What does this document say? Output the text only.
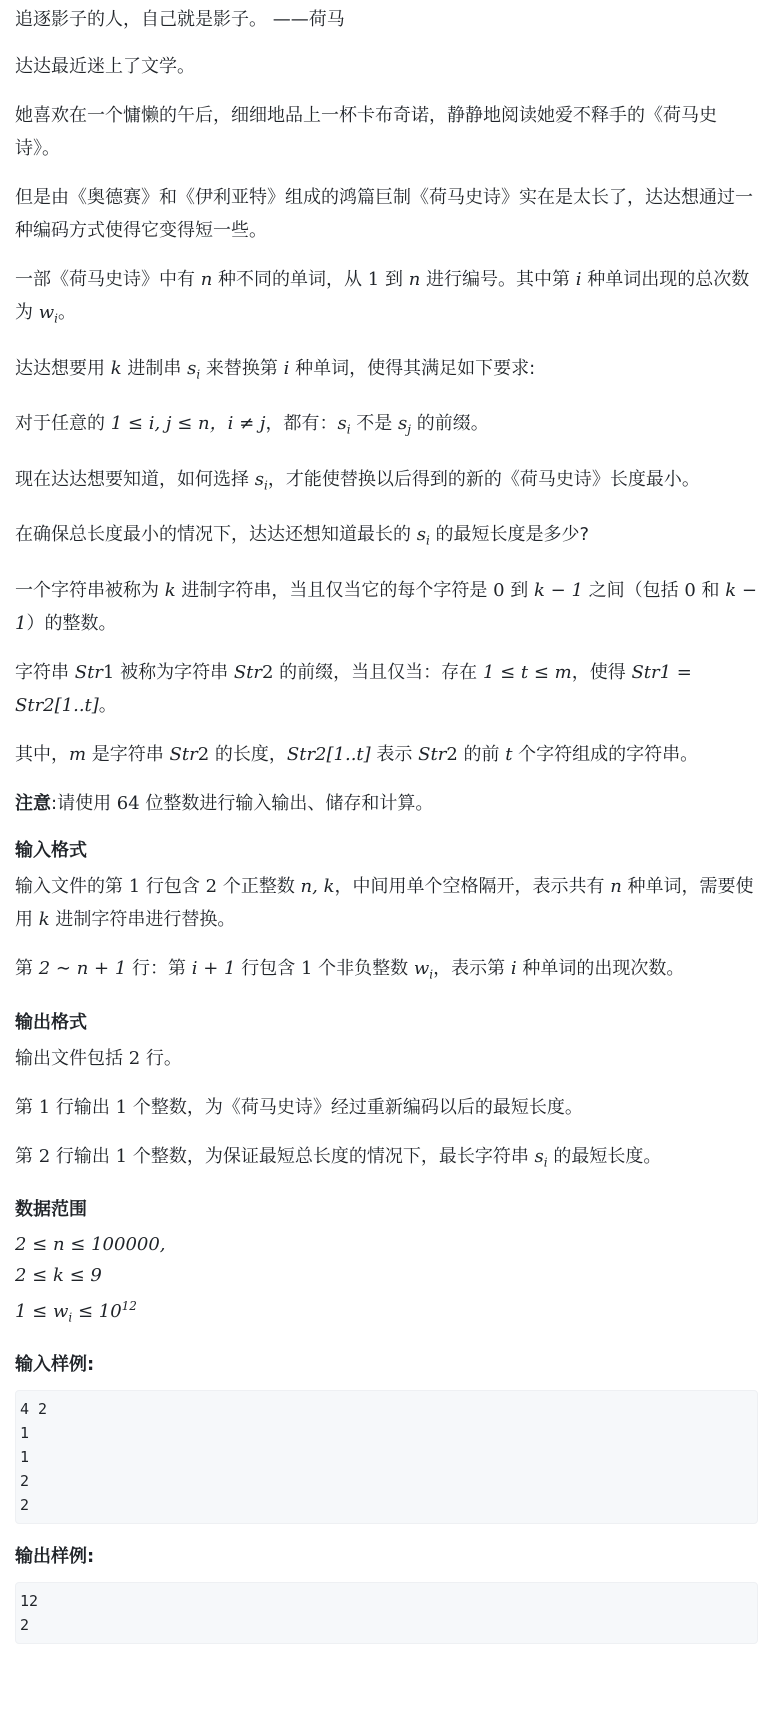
追逐影子的人，自己就是影子。 ——荷马

达达最近迷上了文学。

她喜欢在一个慵懒的午后，细细地品上一杯卡布奇诺，静静地阅读她爱不释手的《荷马史诗》。

但是由《奥德赛》和《伊利亚特》组成的鸿篇巨制《荷马史诗》实在是太长了，达达想通过一种编码方式使得它变得短一些。

一部《荷马史诗》中有 n 种不同的单词，从 1 到 n 进行编号。其中第 i 种单词出现的总次数为 $w_i$。

达达想要用 k 进制串 $s_i$ 来替换第 i 种单词，使得其满足如下要求:

对于任意的 1 ≤ i, j ≤ n，i ≠ j，都有：$s_i$ 不是 $s_j$ 的前缀。

现在达达想要知道，如何选择 $s_i$，才能使替换以后得到的新的《荷马史诗》长度最小。

在确保总长度最小的情况下，达达还想知道最长的 $s_i$ 的最短长度是多少?

一个字符串被称为 k 进制字符串，当且仅当它的每个字符是 0 到 k − 1 之间（包括 0 和 k − 1）的整数。

字符串 Str1 被称为字符串 Str2 的前缀，当且仅当：存在 1 ≤ t ≤ m，使得 Str1 = Str2[1..t]。

其中，m 是字符串 Str2 的长度，Str2[1..t] 表示 Str2 的前 t 个字符组成的字符串。

注意:请使用 64 位整数进行输入输出、储存和计算。

输入格式

输入文件的第 1 行包含 2 个正整数 n, k，中间用单个空格隔开，表示共有 n 种单词，需要使用 k 进制字符串进行替换。

第 2 ∼ n + 1 行：第 i + 1 行包含 1 个非负整数 $w_i$，表示第 i 种单词的出现次数。

输出格式

输出文件包括 2 行。

第 1 行输出 1 个整数，为《荷马史诗》经过重新编码以后的最短长度。

第 2 行输出 1 个整数，为保证最短总长度的情况下，最长字符串 $s_i$ 的最短长度。

数据范围

2 ≤ n ≤ 100000,

2 ≤ k ≤ 9

$1 \le w_i \le 10^{12}$

输入样例:
4 2
1
1
2
2
输出样例:
12
2
